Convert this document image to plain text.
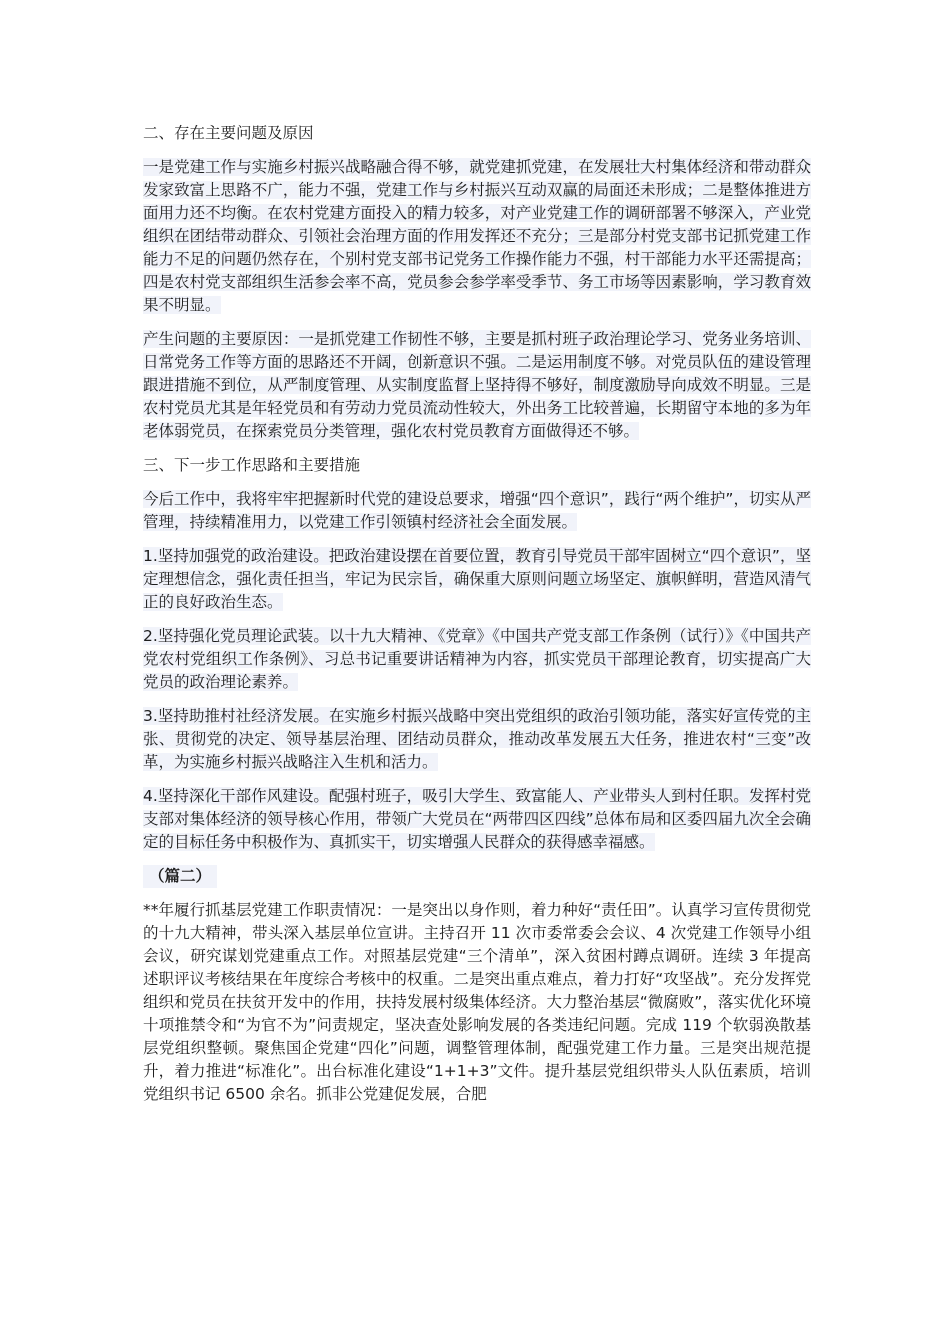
二、存在主要问题及原因

一是党建工作与实施乡村振兴战略融合得不够，就党建抓党建，在发展壮大村集体经济和带动群众发家致富上思路不广，能力不强，党建工作与乡村振兴互动双赢的局面还未形成；二是整体推进方面用力还不均衡。在农村党建方面投入的精力较多，对产业党建工作的调研部署不够深入，产业党组织在团结带动群众、引领社会治理方面的作用发挥还不充分；三是部分村党支部书记抓党建工作能力不足的问题仍然存在，个别村党支部书记党务工作操作能力不强，村干部能力水平还需提高；四是农村党支部组织生活参会率不高，党员参会参学率受季节、务工市场等因素影响，学习教育效果不明显。

产生问题的主要原因：一是抓党建工作韧性不够，主要是抓村班子政治理论学习、党务业务培训、日常党务工作等方面的思路还不开阔，创新意识不强。二是运用制度不够。对党员队伍的建设管理跟进措施不到位，从严制度管理、从实制度监督上坚持得不够好，制度激励导向成效不明显。三是农村党员尤其是年轻党员和有劳动力党员流动性较大，外出务工比较普遍，长期留守本地的多为年老体弱党员，在探索党员分类管理，强化农村党员教育方面做得还不够。

三、下一步工作思路和主要措施

今后工作中，我将牢牢把握新时代党的建设总要求，增强“四个意识”，践行“两个维护”，切实从严管理，持续精准用力，以党建工作引领镇村经济社会全面发展。

1.坚持加强党的政治建设。把政治建设摆在首要位置，教育引导党员干部牢固树立“四个意识”，坚定理想信念，强化责任担当，牢记为民宗旨，确保重大原则问题立场坚定、旗帜鲜明，营造风清气正的良好政治生态。

2.坚持强化党员理论武装。以十九大精神、《党章》《中国共产党支部工作条例（试行）》《中国共产党农村党组织工作条例》、习总书记重要讲话精神为内容，抓实党员干部理论教育，切实提高广大党员的政治理论素养。

3.坚持助推村社经济发展。在实施乡村振兴战略中突出党组织的政治引领功能，落实好宣传党的主张、贯彻党的决定、领导基层治理、团结动员群众，推动改革发展五大任务，推进农村“三变”改革，为实施乡村振兴战略注入生机和活力。

4.坚持深化干部作风建设。配强村班子，吸引大学生、致富能人、产业带头人到村任职。发挥村党支部对集体经济的领导核心作用，带领广大党员在“两带四区四线”总体布局和区委四届九次全会确定的目标任务中积极作为、真抓实干，切实增强人民群众的获得感幸福感。

（篇二）

**年履行抓基层党建工作职责情况：一是突出以身作则，着力种好“责任田”。认真学习宣传贯彻党的十九大精神，带头深入基层单位宣讲。主持召开 11 次市委常委会会议、4 次党建工作领导小组会议，研究谋划党建重点工作。对照基层党建“三个清单”，深入贫困村蹲点调研。连续 3 年提高述职评议考核结果在年度综合考核中的权重。二是突出重点难点，着力打好“攻坚战”。充分发挥党组织和党员在扶贫开发中的作用，扶持发展村级集体经济。大力整治基层“微腐败”，落实优化环境十项推禁令和“为官不为”问责规定，坚决查处影响发展的各类违纪问题。完成 119 个软弱涣散基层党组织整顿。聚焦国企党建“四化”问题，调整管理体制，配强党建工作力量。三是突出规范提升，着力推进“标准化”。出台标准化建设“1+1+3”文件。提升基层党组织带头人队伍素质，培训党组织书记 6500 余名。抓非公党建促发展，合肥
